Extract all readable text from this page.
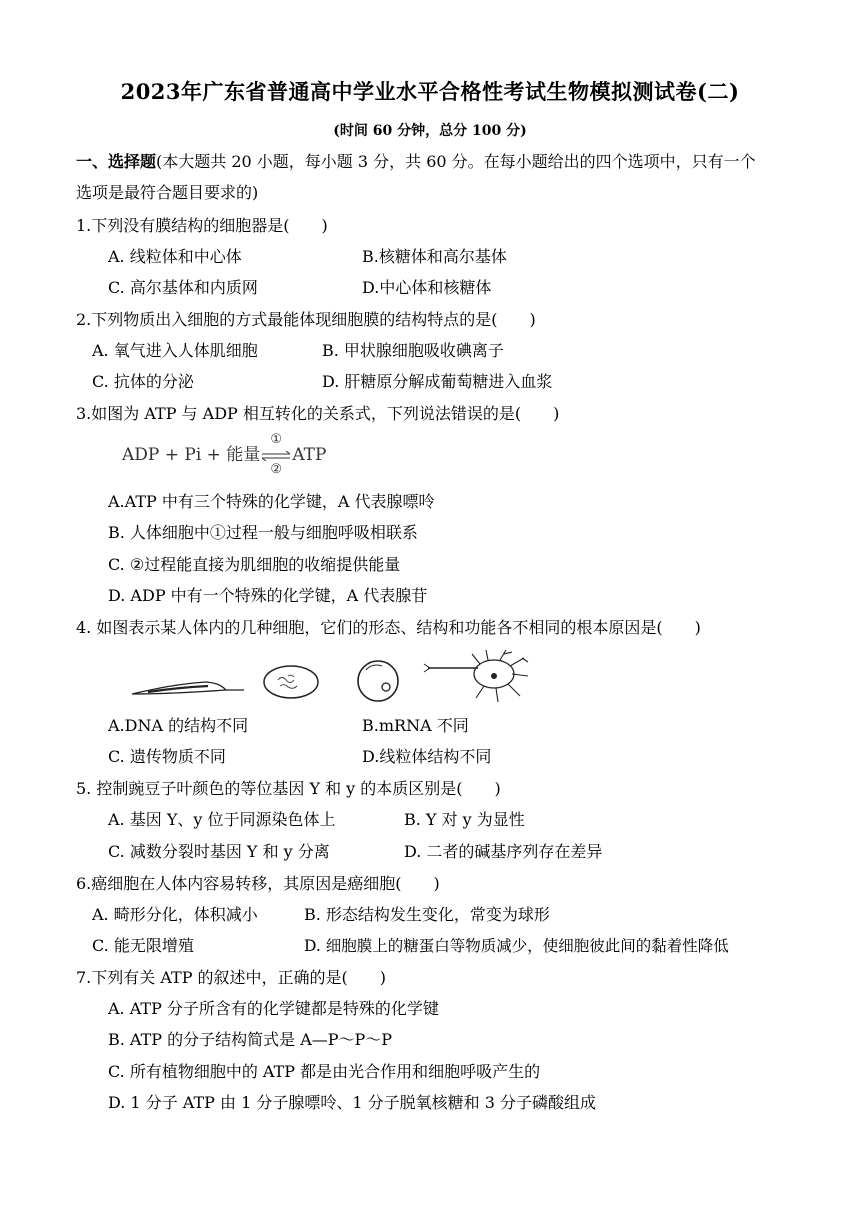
2023年广东省普通高中学业水平合格性考试生物模拟测试卷(二)
(时间 60 分钟，总分 100 分)
一、选择题(本大题共 20 小题，每小题 3 分，共 60 分。在每小题给出的四个选项中，只有一个
选项是最符合题目要求的)
1.下列没有膜结构的细胞器是(　　)
A. 线粒体和中心体	B.核糖体和高尔基体
C. 高尔基体和内质网	D.中心体和核糖体
2.下列物质出入细胞的方式最能体现细胞膜的结构特点的是(　　)
A. 氧气进入人体肌细胞	B. 甲状腺细胞吸收碘离子
C. 抗体的分泌	D. 肝糖原分解成葡萄糖进入血浆
3.如图为 ATP 与 ADP 相互转化的关系式，下列说法错误的是(　　)
ADP + Pi + 能量
①
②
ATP
A.ATP 中有三个特殊的化学键，A 代表腺嘌呤
B. 人体细胞中①过程一般与细胞呼吸相联系
C. ②过程能直接为肌细胞的收缩提供能量
D. ADP 中有一个特殊的化学键，A 代表腺苷
4. 如图表示某人体内的几种细胞，它们的形态、结构和功能各不相同的根本原因是(　　)
A.DNA 的结构不同	B.mRNA 不同
C. 遗传物质不同	D.线粒体结构不同
5. 控制豌豆子叶颜色的等位基因 Y 和 y 的本质区别是(　　)
A. 基因 Y、y 位于同源染色体上	B. Y 对 y 为显性
C. 减数分裂时基因 Y 和 y 分离	D. 二者的碱基序列存在差异
6.癌细胞在人体内容易转移，其原因是癌细胞(　　)
A. 畸形分化，体积减小	B. 形态结构发生变化，常变为球形
C. 能无限增殖	D. 细胞膜上的糖蛋白等物质减少，使细胞彼此间的黏着性降低
7.下列有关 ATP 的叙述中，正确的是(　　)
A. ATP 分子所含有的化学键都是特殊的化学键
B. ATP 的分子结构简式是 A—P～P～P
C. 所有植物细胞中的 ATP 都是由光合作用和细胞呼吸产生的
D. 1 分子 ATP 由 1 分子腺嘌呤、1 分子脱氧核糖和 3 分子磷酸组成
